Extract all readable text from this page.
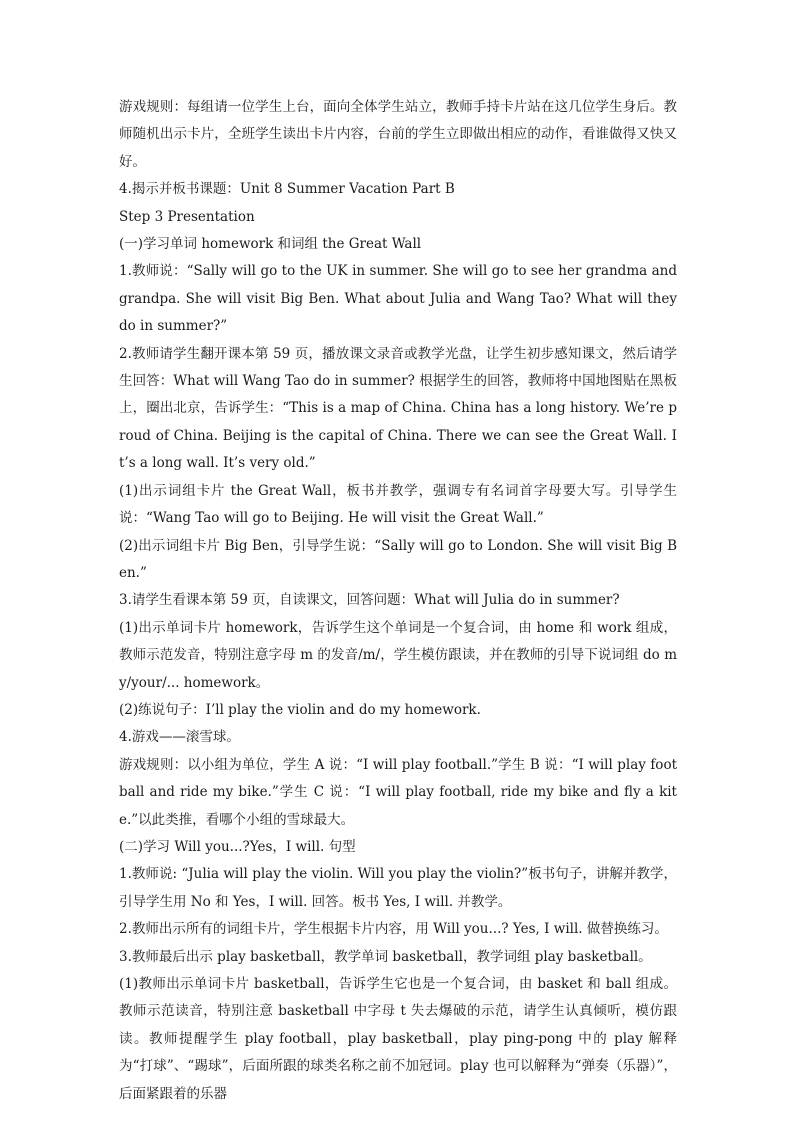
游戏规则：每组请一位学生上台，面向全体学生站立，教师手持卡片站在这几位学生身后。教师随机出示卡片，全班学生读出卡片内容，台前的学生立即做出相应的动作，看谁做得又快又好。

4.揭示并板书课题：Unit 8 Summer Vacation Part B

Step 3 Presentation

(一)学习单词 homework 和词组 the Great Wall

1.教师说：“Sally will go to the UK in summer. She will go to see her grandma and grandpa. She will visit Big Ben. What about Julia and Wang Tao? What will they do in summer?”

2.教师请学生翻开课本第 59 页，播放课文录音或教学光盘，让学生初步感知课文，然后请学生回答：What will Wang Tao do in summer? 根据学生的回答，教师将中国地图贴在黑板上，圈出北京，告诉学生：“This is a map of China. China has a long history. We’re proud of China. Beijing is the capital of China. There we can see the Great Wall. It’s a long wall. It’s very old.”

(1)出示词组卡片 the Great Wall，板书并教学，强调专有名词首字母要大写。引导学生说：“Wang Tao will go to Beijing. He will visit the Great Wall.”

(2)出示词组卡片 Big Ben，引导学生说：“Sally will go to London. She will visit Big Ben.”

3.请学生看课本第 59 页，自读课文，回答问题：What will Julia do in summer?

(1)出示单词卡片 homework，告诉学生这个单词是一个复合词，由 home 和 work 组成，教师示范发音，特别注意字母 m 的发音/m/，学生模仿跟读，并在教师的引导下说词组 do my/your/... homework。

(2)练说句子：I’ll play the violin and do my homework.

4.游戏——滚雪球。

游戏规则：以小组为单位，学生 A 说：“I will play football.”学生 B 说：“I will play football and ride my bike.”学生 C 说：“I will play football, ride my bike and fly a kite.”以此类推，看哪个小组的雪球最大。

(二)学习 Will you...?Yes，I will. 句型

1.教师说: “Julia will play the violin. Will you play the violin?”板书句子，讲解并教学，引导学生用 No 和 Yes，I will. 回答。板书 Yes, I will. 并教学。

2.教师出示所有的词组卡片，学生根据卡片内容，用 Will you...? Yes, I will. 做替换练习。

3.教师最后出示 play basketball，教学单词 basketball，教学词组 play basketball。

(1)教师出示单词卡片 basketball，告诉学生它也是一个复合词，由 basket 和 ball 组成。教师示范读音，特别注意 basketball 中字母 t 失去爆破的示范，请学生认真倾听，模仿跟读。教师提醒学生 play football，play basketball，play ping-pong 中的 play 解释为“打球”、“踢球”，后面所跟的球类名称之前不加冠词。play 也可以解释为“弹奏（乐器）”，后面紧跟着的乐器
